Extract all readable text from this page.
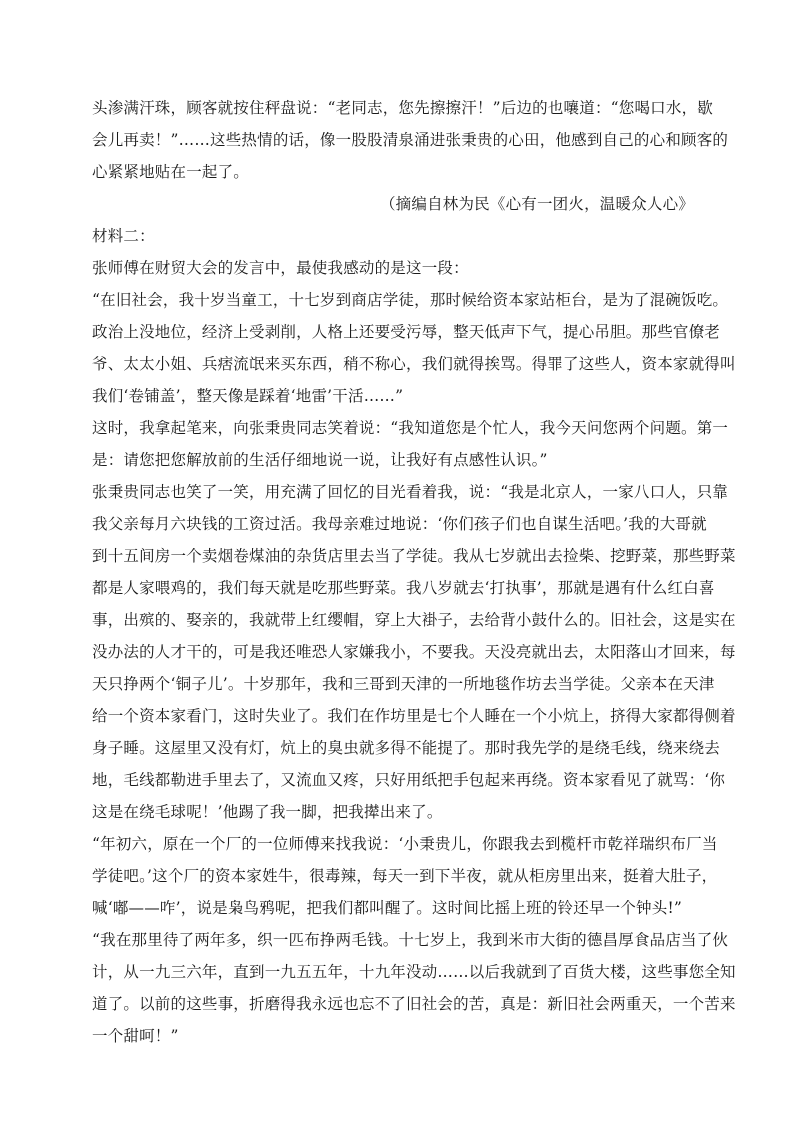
头渗满汗珠，顾客就按住秤盘说：“老同志，您先擦擦汗！”后边的也嚷道：“您喝口水，歇
会儿再卖！”……这些热情的话，像一股股清泉涌进张秉贵的心田，他感到自己的心和顾客的
心紧紧地贴在一起了。
（摘编自林为民《心有一团火，温暖众人心》
材料二：
张师傅在财贸大会的发言中，最使我感动的是这一段：
“在旧社会，我十岁当童工，十七岁到商店学徒，那时候给资本家站柜台，是为了混碗饭吃。
政治上没地位，经济上受剥削，人格上还要受污辱，整天低声下气，提心吊胆。那些官僚老
爷、太太小姐、兵痞流氓来买东西，稍不称心，我们就得挨骂。得罪了这些人，资本家就得叫
我们‘卷铺盖’，整天像是踩着‘地雷’干活……”
这时，我拿起笔来，向张秉贵同志笑着说：“我知道您是个忙人，我今天问您两个问题。第一
是：请您把您解放前的生活仔细地说一说，让我好有点感性认识。”
张秉贵同志也笑了一笑，用充满了回忆的目光看着我，说：“我是北京人，一家八口人，只靠
我父亲每月六块钱的工资过活。我母亲难过地说：‘你们孩子们也自谋生活吧。’我的大哥就
到十五间房一个卖烟卷煤油的杂货店里去当了学徒。我从七岁就出去捡柴、挖野菜，那些野菜
都是人家喂鸡的，我们每天就是吃那些野菜。我八岁就去‘打执事’，那就是遇有什么红白喜
事，出殡的、娶亲的，我就带上红缨帽，穿上大褂子，去给背小鼓什么的。旧社会，这是实在
没办法的人才干的，可是我还唯恐人家嫌我小，不要我。天没亮就出去，太阳落山才回来，每
天只挣两个‘铜子儿’。十岁那年，我和三哥到天津的一所地毯作坊去当学徒。父亲本在天津
给一个资本家看门，这时失业了。我们在作坊里是七个人睡在一个小炕上，挤得大家都得侧着
身子睡。这屋里又没有灯，炕上的臭虫就多得不能提了。那时我先学的是绕毛线，绕来绕去
地，毛线都勒进手里去了，又流血又疼，只好用纸把手包起来再绕。资本家看见了就骂：‘你
这是在绕毛球呢！’他踢了我一脚，把我撵出来了。
“年初六，原在一个厂的一位师傅来找我说：‘小秉贵儿，你跟我去到榄杆市乾祥瑞织布厂当
学徒吧。’这个厂的资本家姓牛，很毒辣，每天一到下半夜，就从柜房里出来，挺着大肚子，
喊‘嘟——咋’，说是枭鸟鸦呢，把我们都叫醒了。这时间比摇上班的铃还早一个钟头!”
“我在那里待了两年多，织一匹布挣两毛钱。十七岁上，我到米市大街的德昌厚食品店当了伙
计，从一九三六年，直到一九五五年，十九年没动……以后我就到了百货大楼，这些事您全知
道了。以前的这些事，折磨得我永远也忘不了旧社会的苦，真是：新旧社会两重天，一个苦来
一个甜呵！”
